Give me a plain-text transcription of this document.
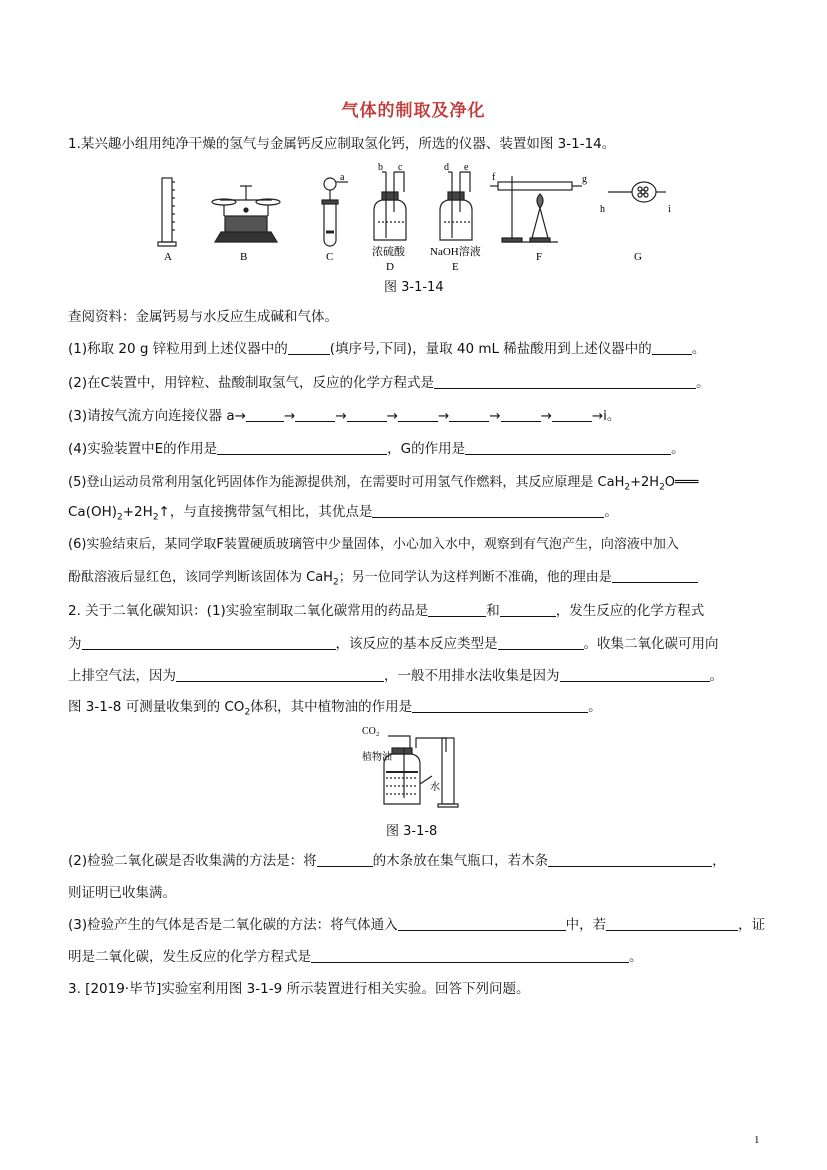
气体的制取及净化
1.某兴趣小组用纯净干燥的氢气与金属钙反应制取氢化钙，所选的仪器、装置如图 3-1-14。
浓硫酸 NaOH溶液
a
b c	d e
f	g
h	i
A	B	C
D	E
F	G
图 3-1-14
查阅资料：金属钙易与水反应生成碱和气体。
(1)称取 20 g 锌粒用到上述仪器中的	(填序号,下同)，量取 40 mL 稀盐酸用到上述仪器中的	。
(2)在C装置中，用锌粒、盐酸制取氢气，反应的化学方程式是	。
(3)请按气流方向连接仪器 a→	→	→	→	→	→	→	→i。
(4)实验装置中E的作用是	，G的作用是	。
(5)登山运动员常利用氢化钙固体作为能源提供剂，在需要时可用氢气作燃料，其反应原理是 $CaH_2+2H_2O═══$
$Ca(OH)_2+2H_2↑$，与直接携带氢气相比，其优点是	。
(6)实验结束后，某同学取F装置硬质玻璃管中少量固体，小心加入水中，观察到有气泡产生，向溶液中加入
酚酞溶液后显红色，该同学判断该固体为 CaH$_2$；另一位同学认为这样判断不准确，他的理由是
2. 关于二氧化碳知识：(1)实验室制取二氧化碳常用的药品是	和	，发生反应的化学方程式
为	，该反应的基本反应类型是	。收集二氧化碳可用向
上排空气法，因为	，一般不用排水法收集是因为	。
图 3-1-8 可测量收集到的 $CO_2$体积，其中植物油的作用是	。
CO₂
植物油
水
图 3-1-8
(2)检验二氧化碳是否收集满的方法是：将	的木条放在集气瓶口，若木条	，
则证明已收集满。
(3)检验产生的气体是否是二氧化碳的方法：将气体通入	中，若	，证
明是二氧化碳，发生反应的化学方程式是	。
3. [2019·毕节]实验室利用图 3-1-9 所示装置进行相关实验。回答下列问题。
1
